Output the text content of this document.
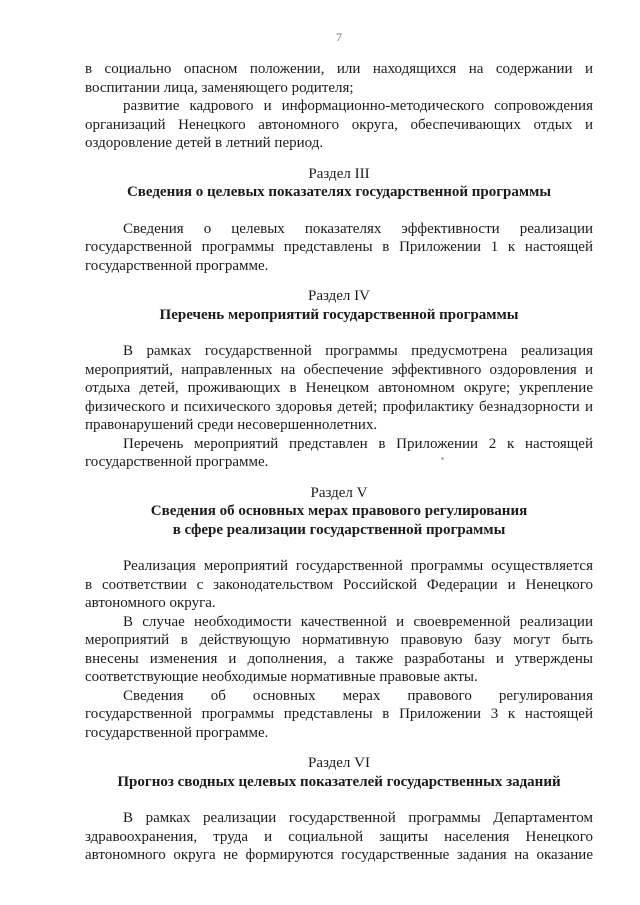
7

в социально опасном положении, или находящихся на содержании и
воспитании лица, заменяющего родителя;

развитие кадрового и информационно-методического сопровождения
организаций Ненецкого автономного округа, обеспечивающих отдых и
оздоровление детей в летний период.

Раздел III
Сведения о целевых показателях государственной программы

Сведения о целевых показателях эффективности реализации
государственной программы представлены в Приложении 1 к настоящей
государственной программе.

Раздел IV
Перечень мероприятий государственной программы

В рамках государственной программы предусмотрена реализация
мероприятий, направленных на обеспечение эффективного оздоровления и
отдыха детей, проживающих в Ненецком автономном округе; укрепление
физического и психического здоровья детей; профилактику безнадзорности и
правонарушений среди несовершеннолетних.

Перечень мероприятий представлен в Приложении 2 к настоящей
государственной программе.

Раздел V
Сведения об основных мерах правового регулирования
в сфере реализации государственной программы

Реализация мероприятий государственной программы осуществляется
в соответствии с законодательством Российской Федерации и Ненецкого
автономного округа.

В случае необходимости качественной и своевременной реализации
мероприятий в действующую нормативную правовую базу могут быть
внесены изменения и дополнения, а также разработаны и утверждены
соответствующие необходимые нормативные правовые акты.

Сведения об основных мерах правового регулирования
государственной программы представлены в Приложении 3 к настоящей
государственной программе.

Раздел VI
Прогноз сводных целевых показателей государственных заданий

В рамках реализации государственной программы Департаментом
здравоохранения, труда и социальной защиты населения Ненецкого
автономного округа не формируются государственные задания на оказание
